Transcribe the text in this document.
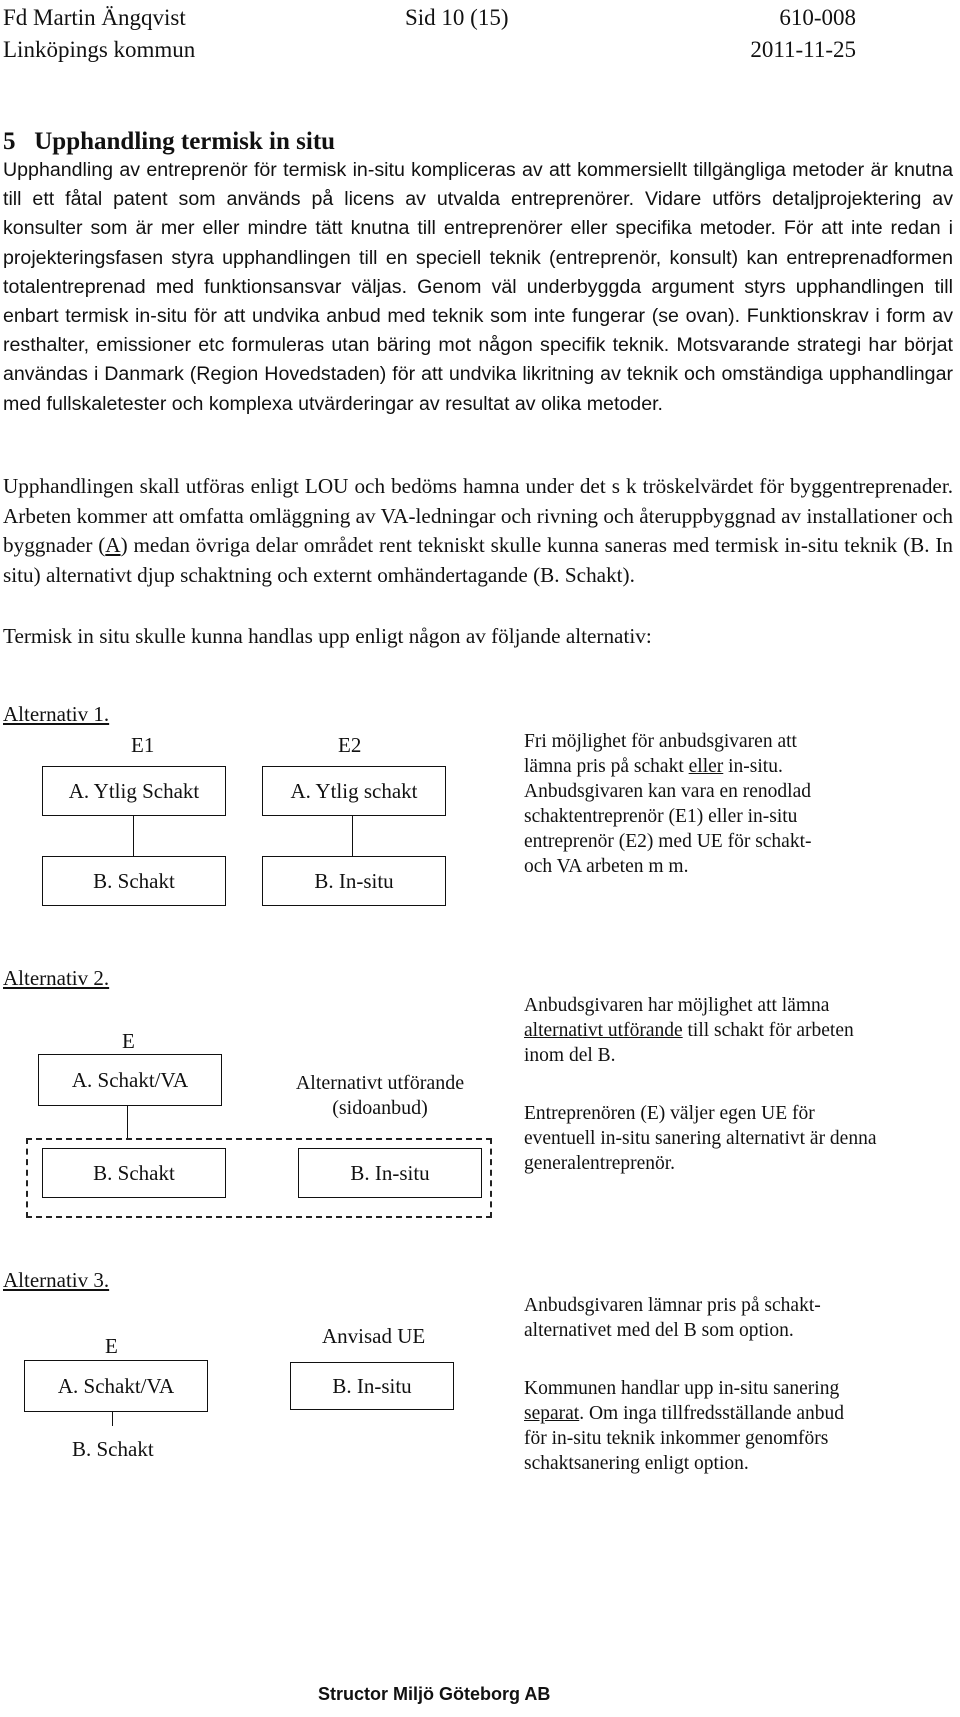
Fd Martin Ängqvist	Sid 10 (15)	610-008
Linköpings kommun	2011-11-25
5   Upphandling termisk in situ

Upphandling av entreprenör för termisk in-situ kompliceras av att kommersiellt tillgängliga metoder är knutna till ett fåtal patent som används på licens av utvalda entreprenörer. Vidare utförs detaljprojektering av konsulter som är mer eller mindre tätt knutna till entreprenörer eller specifika metoder. För att inte redan i projekteringsfasen styra upphandlingen till en speciell teknik (entreprenör, konsult) kan entreprenadformen totalentreprenad med funktionsansvar väljas. Genom väl underbyggda argument styrs upphandlingen till enbart termisk in-situ för att undvika anbud med teknik som inte fungerar (se ovan). Funktionskrav i form av resthalter, emissioner etc formuleras utan bäring mot någon specifik teknik. Motsvarande strategi har börjat användas i Danmark (Region Hovedstaden) för att undvika likritning av teknik och omständiga upphandlingar med fullskaletester och komplexa utvärderingar av resultat av olika metoder.

Upphandlingen skall utföras enligt LOU och bedöms hamna under det s k tröskelvärdet för byggentreprenader. Arbeten kommer att omfatta omläggning av VA-ledningar och rivning och återuppbyggnad av installationer och byggnader (A) medan övriga delar området rent tekniskt skulle kunna saneras med termisk in-situ teknik (B. In situ) alternativt djup schaktning och externt omhändertagande (B. Schakt).

Termisk in situ skulle kunna handlas upp enligt någon av följande alternativ:
Alternativ 1.
E1	E2
A. Ytlig Schakt	A. Ytlig schakt
B. Schakt	B. In-situ

Fri möjlighet för anbudsgivaren att lämna pris på schakt eller in-situ. Anbudsgivaren kan vara en renodlad schaktentreprenör (E1) eller in-situ entreprenör (E2) med UE för schakt- och VA arbeten m m.

Alternativ 2.
E
A. Schakt/VA	Alternativt utförande (sidoanbud)
B. Schakt	B. In-situ

Anbudsgivaren har möjlighet att lämna alternativt utförande till schakt för arbeten inom del B.

Entreprenören (E) väljer egen UE för eventuell in-situ sanering alternativt är denna generalentreprenör.

Alternativ 3.
E
A. Schakt/VA
B. Schakt
Anvisad UE
B. In-situ

Anbudsgivaren lämnar pris på schakt-alternativet med del B som option.

Kommunen handlar upp in-situ sanering separat. Om inga tillfredsställande anbud för in-situ teknik inkommer genomförs schaktsanering enligt option.

Structor Miljö Göteborg AB
